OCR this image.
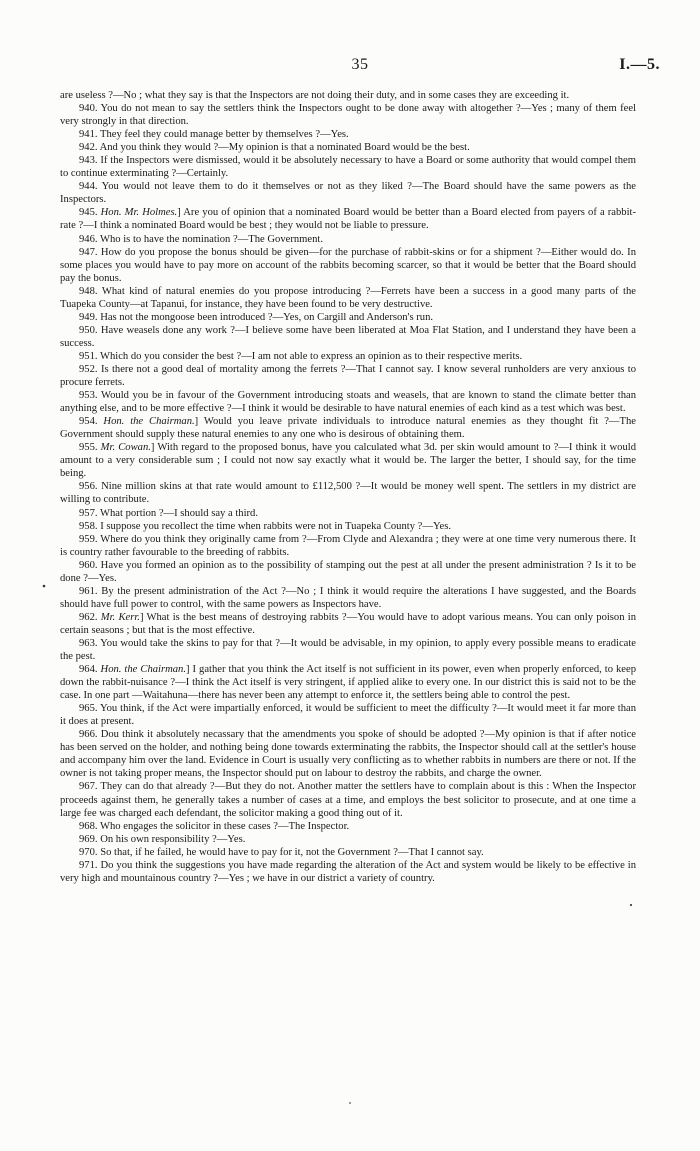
35	I.—5.

are useless ?—No ; what they say is that the Inspectors are not doing their duty, and in some cases they are exceeding it.

940. You do not mean to say the settlers think the Inspectors ought to be done away with altogether ?—Yes ; many of them feel very strongly in that direction.

941. They feel they could manage better by themselves ?—Yes.

942. And you think they would ?—My opinion is that a nominated Board would be the best.

943. If the Inspectors were dismissed, would it be absolutely necessary to have a Board or some authority that would compel them to continue exterminating ?—Certainly.

944. You would not leave them to do it themselves or not as they liked ?—The Board should have the same powers as the Inspectors.

945. Hon. Mr. Holmes.] Are you of opinion that a nominated Board would be better than a Board elected from payers of a rabbit-rate ?—I think a nominated Board would be best ; they would not be liable to pressure.

946. Who is to have the nomination ?—The Government.

947. How do you propose the bonus should be given—for the purchase of rabbit-skins or for a shipment ?—Either would do. In some places you would have to pay more on account of the rabbits becoming scarcer, so that it would be better that the Board should pay the bonus.

948. What kind of natural enemies do you propose introducing ?—Ferrets have been a success in a good many parts of the Tuapeka County—at Tapanui, for instance, they have been found to be very destructive.

949. Has not the mongoose been introduced ?—Yes, on Cargill and Anderson's run.

950. Have weasels done any work ?—I believe some have been liberated at Moa Flat Station, and I understand they have been a success.

951. Which do you consider the best ?—I am not able to express an opinion as to their respective merits.

952. Is there not a good deal of mortality among the ferrets ?—That I cannot say. I know several runholders are very anxious to procure ferrets.

953. Would you be in favour of the Government introducing stoats and weasels, that are known to stand the climate better than anything else, and to be more effective ?—I think it would be desirable to have natural enemies of each kind as a test which was best.

954. Hon. the Chairman.] Would you leave private individuals to introduce natural enemies as they thought fit ?—The Government should supply these natural enemies to any one who is desirous of obtaining them.

955. Mr. Cowan.] With regard to the proposed bonus, have you calculated what 3d. per skin would amount to ?—I think it would amount to a very considerable sum ; I could not now say exactly what it would be. The larger the better, I should say, for the time being.

956. Nine million skins at that rate would amount to £112,500 ?—It would be money well spent. The settlers in my district are willing to contribute.

957. What portion ?—I should say a third.

958. I suppose you recollect the time when rabbits were not in Tuapeka County ?—Yes.

959. Where do you think they originally came from ?—From Clyde and Alexandra ; they were at one time very numerous there. It is country rather favourable to the breeding of rabbits.

960. Have you formed an opinion as to the possibility of stamping out the pest at all under the present administration ? Is it to be done ?—Yes.

961. By the present administration of the Act ?—No ; I think it would require the alterations I have suggested, and the Boards should have full power to control, with the same powers as Inspectors have.

962. Mr. Kerr.] What is the best means of destroying rabbits ?—You would have to adopt various means. You can only poison in certain seasons ; but that is the most effective.

963. You would take the skins to pay for that ?—It would be advisable, in my opinion, to apply every possible means to eradicate the pest.

964. Hon. the Chairman.] I gather that you think the Act itself is not sufficient in its power, even when properly enforced, to keep down the rabbit-nuisance ?—I think the Act itself is very stringent, if applied alike to every one. In our district this is said not to be the case. In one part —Waitahuna—there has never been any attempt to enforce it, the settlers being able to control the pest.

965. You think, if the Act were impartially enforced, it would be sufficient to meet the difficulty ?—It would meet it far more than it does at present.

966. Dou think it absolutely necassary that the amendments you spoke of should be adopted ?—My opinion is that if after notice has been served on the holder, and nothing being done towards exterminating the rabbits, the Inspector should call at the settler's house and accompany him over the land. Evidence in Court is usually very conflicting as to whether rabbits in numbers are there or not. If the owner is not taking proper means, the Inspector should put on labour to destroy the rabbits, and charge the owner.

967. They can do that already ?—But they do not. Another matter the settlers have to complain about is this : When the Inspector proceeds against them, he generally takes a number of cases at a time, and employs the best solicitor to prosecute, and at one time a large fee was charged each defendant, the solicitor making a good thing out of it.

968. Who engages the solicitor in these cases ?—The Inspector.

969. On his own responsibility ?—Yes.

970. So that, if he failed, he would have to pay for it, not the Government ?—That I cannot say.

971. Do you think the suggestions you have made regarding the alteration of the Act and system would be likely to be effective in very high and mountainous country ?—Yes ; we have in our district a variety of country.
